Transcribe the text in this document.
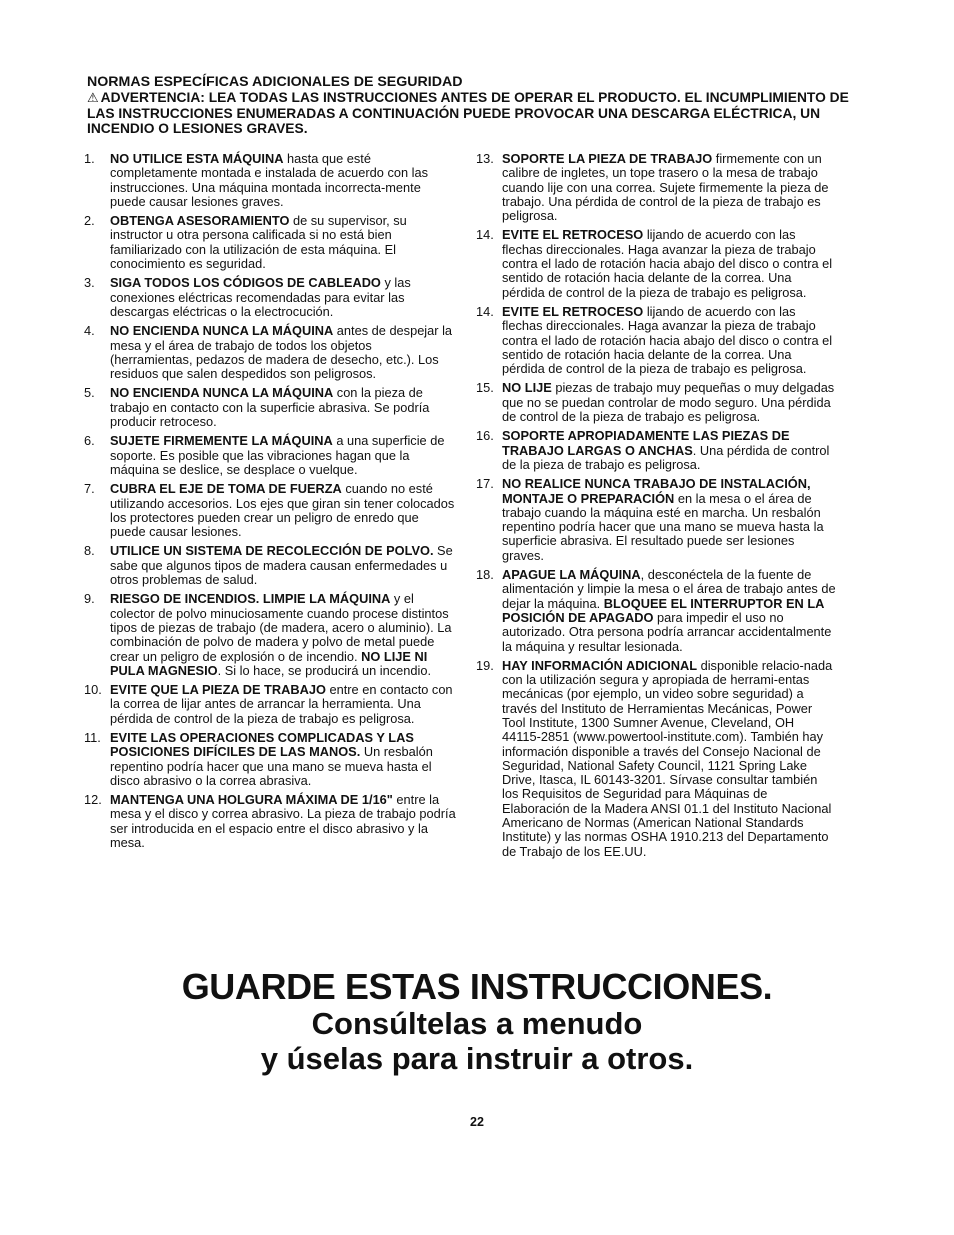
NORMAS ESPECÍFICAS ADICIONALES DE SEGURIDAD
⚠ ADVERTENCIA: LEA TODAS LAS INSTRUCCIONES ANTES DE OPERAR EL PRODUCTO. EL INCUMPLIMIENTO DE LAS INSTRUCCIONES ENUMERADAS A CONTINUACIÓN PUEDE PROVOCAR UNA DESCARGA ELÉCTRICA, UN INCENDIO O LESIONES GRAVES.
1.	NO UTILICE ESTA MÁQUINA hasta que esté completamente montada e instalada de acuerdo con las instrucciones. Una máquina montada incorrecta-mente puede causar lesiones graves.
2.	OBTENGA ASESORAMIENTO de su supervisor, su instructor u otra persona calificada si no está bien familiarizado con la utilización de esta máquina. El conocimiento es seguridad.
3.	SIGA TODOS LOS CÓDIGOS DE CABLEADO y las conexiones eléctricas recomendadas para evitar las descargas eléctricas o la electrocución.
4.	NO ENCIENDA NUNCA LA MÁQUINA antes de despejar la mesa y el área de trabajo de todos los objetos (herramientas, pedazos de madera de desecho, etc.). Los residuos que salen despedidos son peligrosos.
5.	NO ENCIENDA NUNCA LA MÁQUINA con la pieza de trabajo en contacto con la superficie abrasiva. Se podría producir retroceso.
6.	SUJETE FIRMEMENTE LA MÁQUINA a una superficie de soporte. Es posible que las vibraciones hagan que la máquina se deslice, se desplace o vuelque.
7.	CUBRA EL EJE DE TOMA DE FUERZA cuando no esté utilizando accesorios. Los ejes que giran sin tener colocados los protectores pueden crear un peligro de enredo que puede causar lesiones.
8.	UTILICE UN SISTEMA DE RECOLECCIÓN DE POLVO. Se sabe que algunos tipos de madera causan enfermedades u otros problemas de salud.
9.	RIESGO DE INCENDIOS. LIMPIE LA MÁQUINA y el colector de polvo minuciosamente cuando procese distintos tipos de piezas de trabajo (de madera, acero o aluminio). La combinación de polvo de madera y polvo de metal puede crear un peligro de explosión o de incendio. NO LIJE NI PULA MAGNESIO. Si lo hace, se producirá un incendio.
10. EVITE QUE LA PIEZA DE TRABAJO entre en contacto con la correa de lijar antes de arrancar la herramienta. Una pérdida de control de la pieza de trabajo es peligrosa.
11. EVITE LAS OPERACIONES COMPLICADAS Y LAS POSICIONES DIFÍCILES DE LAS MANOS. Un resbalón repentino podría hacer que una mano se mueva hasta el disco abrasivo o la correa abrasiva.
12. MANTENGA UNA HOLGURA MÁXIMA DE 1/16" entre la mesa y el disco y correa abrasivo. La pieza de trabajo podría ser introducida en el espacio entre el disco abrasivo y la mesa.
13. SOPORTE LA PIEZA DE TRABAJO firmemente con un calibre de ingletes, un tope trasero o la mesa de trabajo cuando lije con una correa. Sujete firmemente la pieza de trabajo. Una pérdida de control de la pieza de trabajo es peligrosa.
14. EVITE EL RETROCESO lijando de acuerdo con las flechas direccionales. Haga avanzar la pieza de trabajo contra el lado de rotación hacia abajo del disco o contra el sentido de rotación hacia delante de la correa. Una pérdida de control de la pieza de trabajo es peligrosa.
14. EVITE EL RETROCESO lijando de acuerdo con las flechas direccionales. Haga avanzar la pieza de trabajo contra el lado de rotación hacia abajo del disco o contra el sentido de rotación hacia delante de la correa. Una pérdida de control de la pieza de trabajo es peligrosa.
15. NO LIJE piezas de trabajo muy pequeñas o muy delgadas que no se puedan controlar de modo seguro. Una pérdida de control de la pieza de trabajo es peligrosa.
16. SOPORTE APROPIADAMENTE LAS PIEZAS DE TRABAJO LARGAS O ANCHAS. Una pérdida de control de la pieza de trabajo es peligrosa.
17. NO REALICE NUNCA TRABAJO DE INSTALACIÓN, MONTAJE O PREPARACIÓN en la mesa o el área de trabajo cuando la máquina esté en marcha. Un resbalón repentino podría hacer que una mano se mueva hasta la superficie abrasiva. El resultado puede ser lesiones graves.
18. APAGUE LA MÁQUINA, desconéctela de la fuente de alimentación y limpie la mesa o el área de trabajo antes de dejar la máquina. BLOQUEE EL INTERRUPTOR EN LA POSICIÓN DE APAGADO para impedir el uso no autorizado. Otra persona podría arrancar accidentalmente la máquina y resultar lesionada.
19. HAY INFORMACIÓN ADICIONAL disponible relacio-nada con la utilización segura y apropiada de herrami-entas mecánicas (por ejemplo, un video sobre seguridad) a través del Instituto de Herramientas Mecánicas, Power Tool Institute, 1300 Sumner Avenue, Cleveland, OH 44115-2851 (www.powertool-institute.com). También hay información disponible a través del Consejo Nacional de Seguridad, National Safety Council, 1121 Spring Lake Drive, Itasca, IL 60143-3201. Sírvase consultar también los Requisitos de Seguridad para Máquinas de Elaboración de la Madera ANSI 01.1 del Instituto Nacional Americano de Normas (American National Standards Institute) y las normas OSHA 1910.213 del Departamento de Trabajo de los EE.UU.
GUARDE ESTAS INSTRUCCIONES.
Consúltelas a menudo
y úselas para instruir a otros.
22
